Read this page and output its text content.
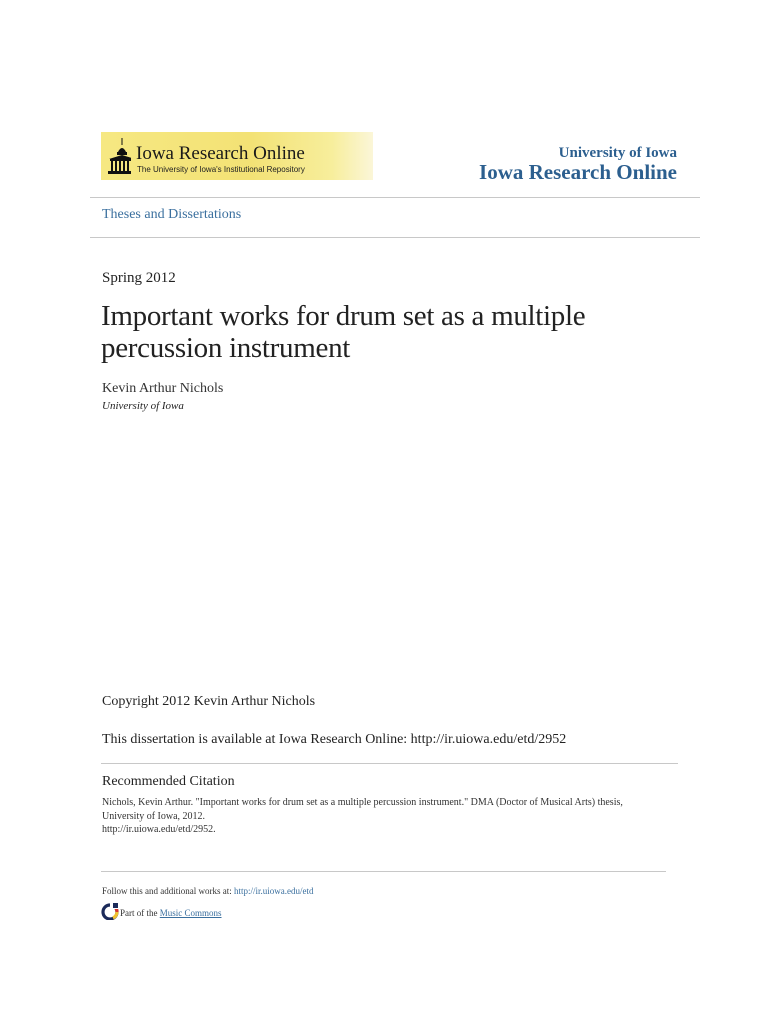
Iowa Research Online
The University of Iowa's Institutional Repository
University of Iowa
Iowa Research Online
Theses and Dissertations
Spring 2012
Important works for drum set as a multiple percussion instrument
Kevin Arthur Nichols
University of Iowa
Copyright 2012 Kevin Arthur Nichols
This dissertation is available at Iowa Research Online: http://ir.uiowa.edu/etd/2952
Recommended Citation
Nichols, Kevin Arthur. "Important works for drum set as a multiple percussion instrument." DMA (Doctor of Musical Arts) thesis,
University of Iowa, 2012.
http://ir.uiowa.edu/etd/2952.
Follow this and additional works at: http://ir.uiowa.edu/etd
Part of the Music Commons
